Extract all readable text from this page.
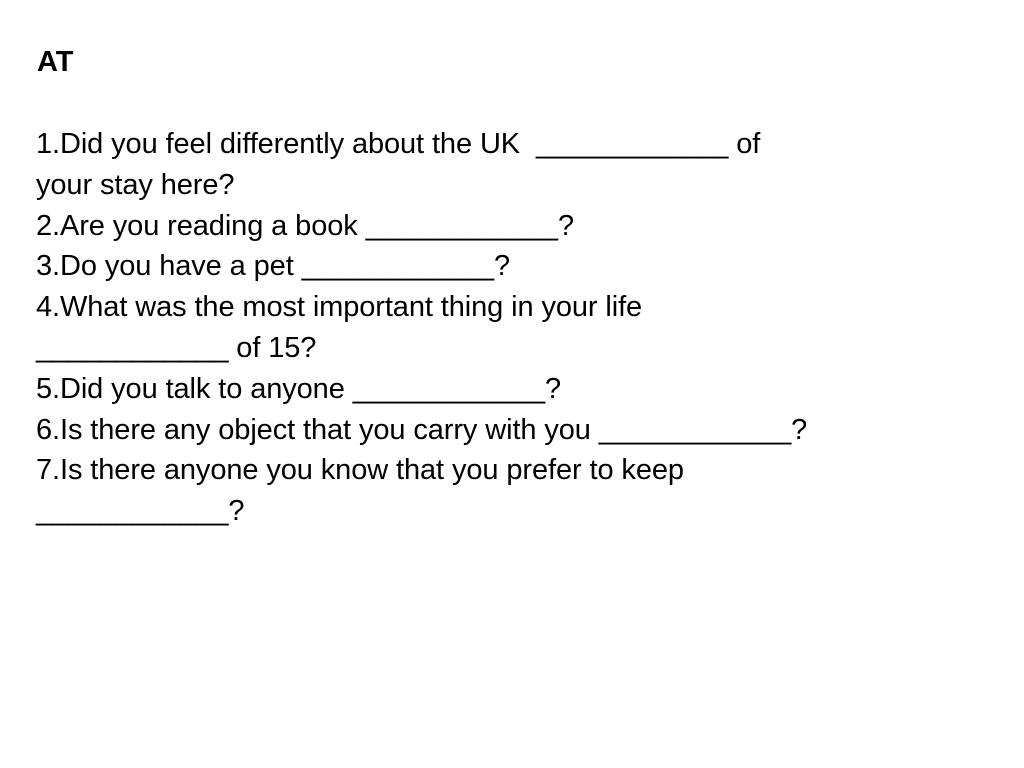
AT
1.Did you feel differently about the UK  ____________ of
your stay here?
2.Are you reading a book ____________?
3.Do you have a pet ____________?
4.What was the most important thing in your life
____________ of 15?
5.Did you talk to anyone ____________?
6.Is there any object that you carry with you ____________?
7.Is there anyone you know that you prefer to keep
____________?
